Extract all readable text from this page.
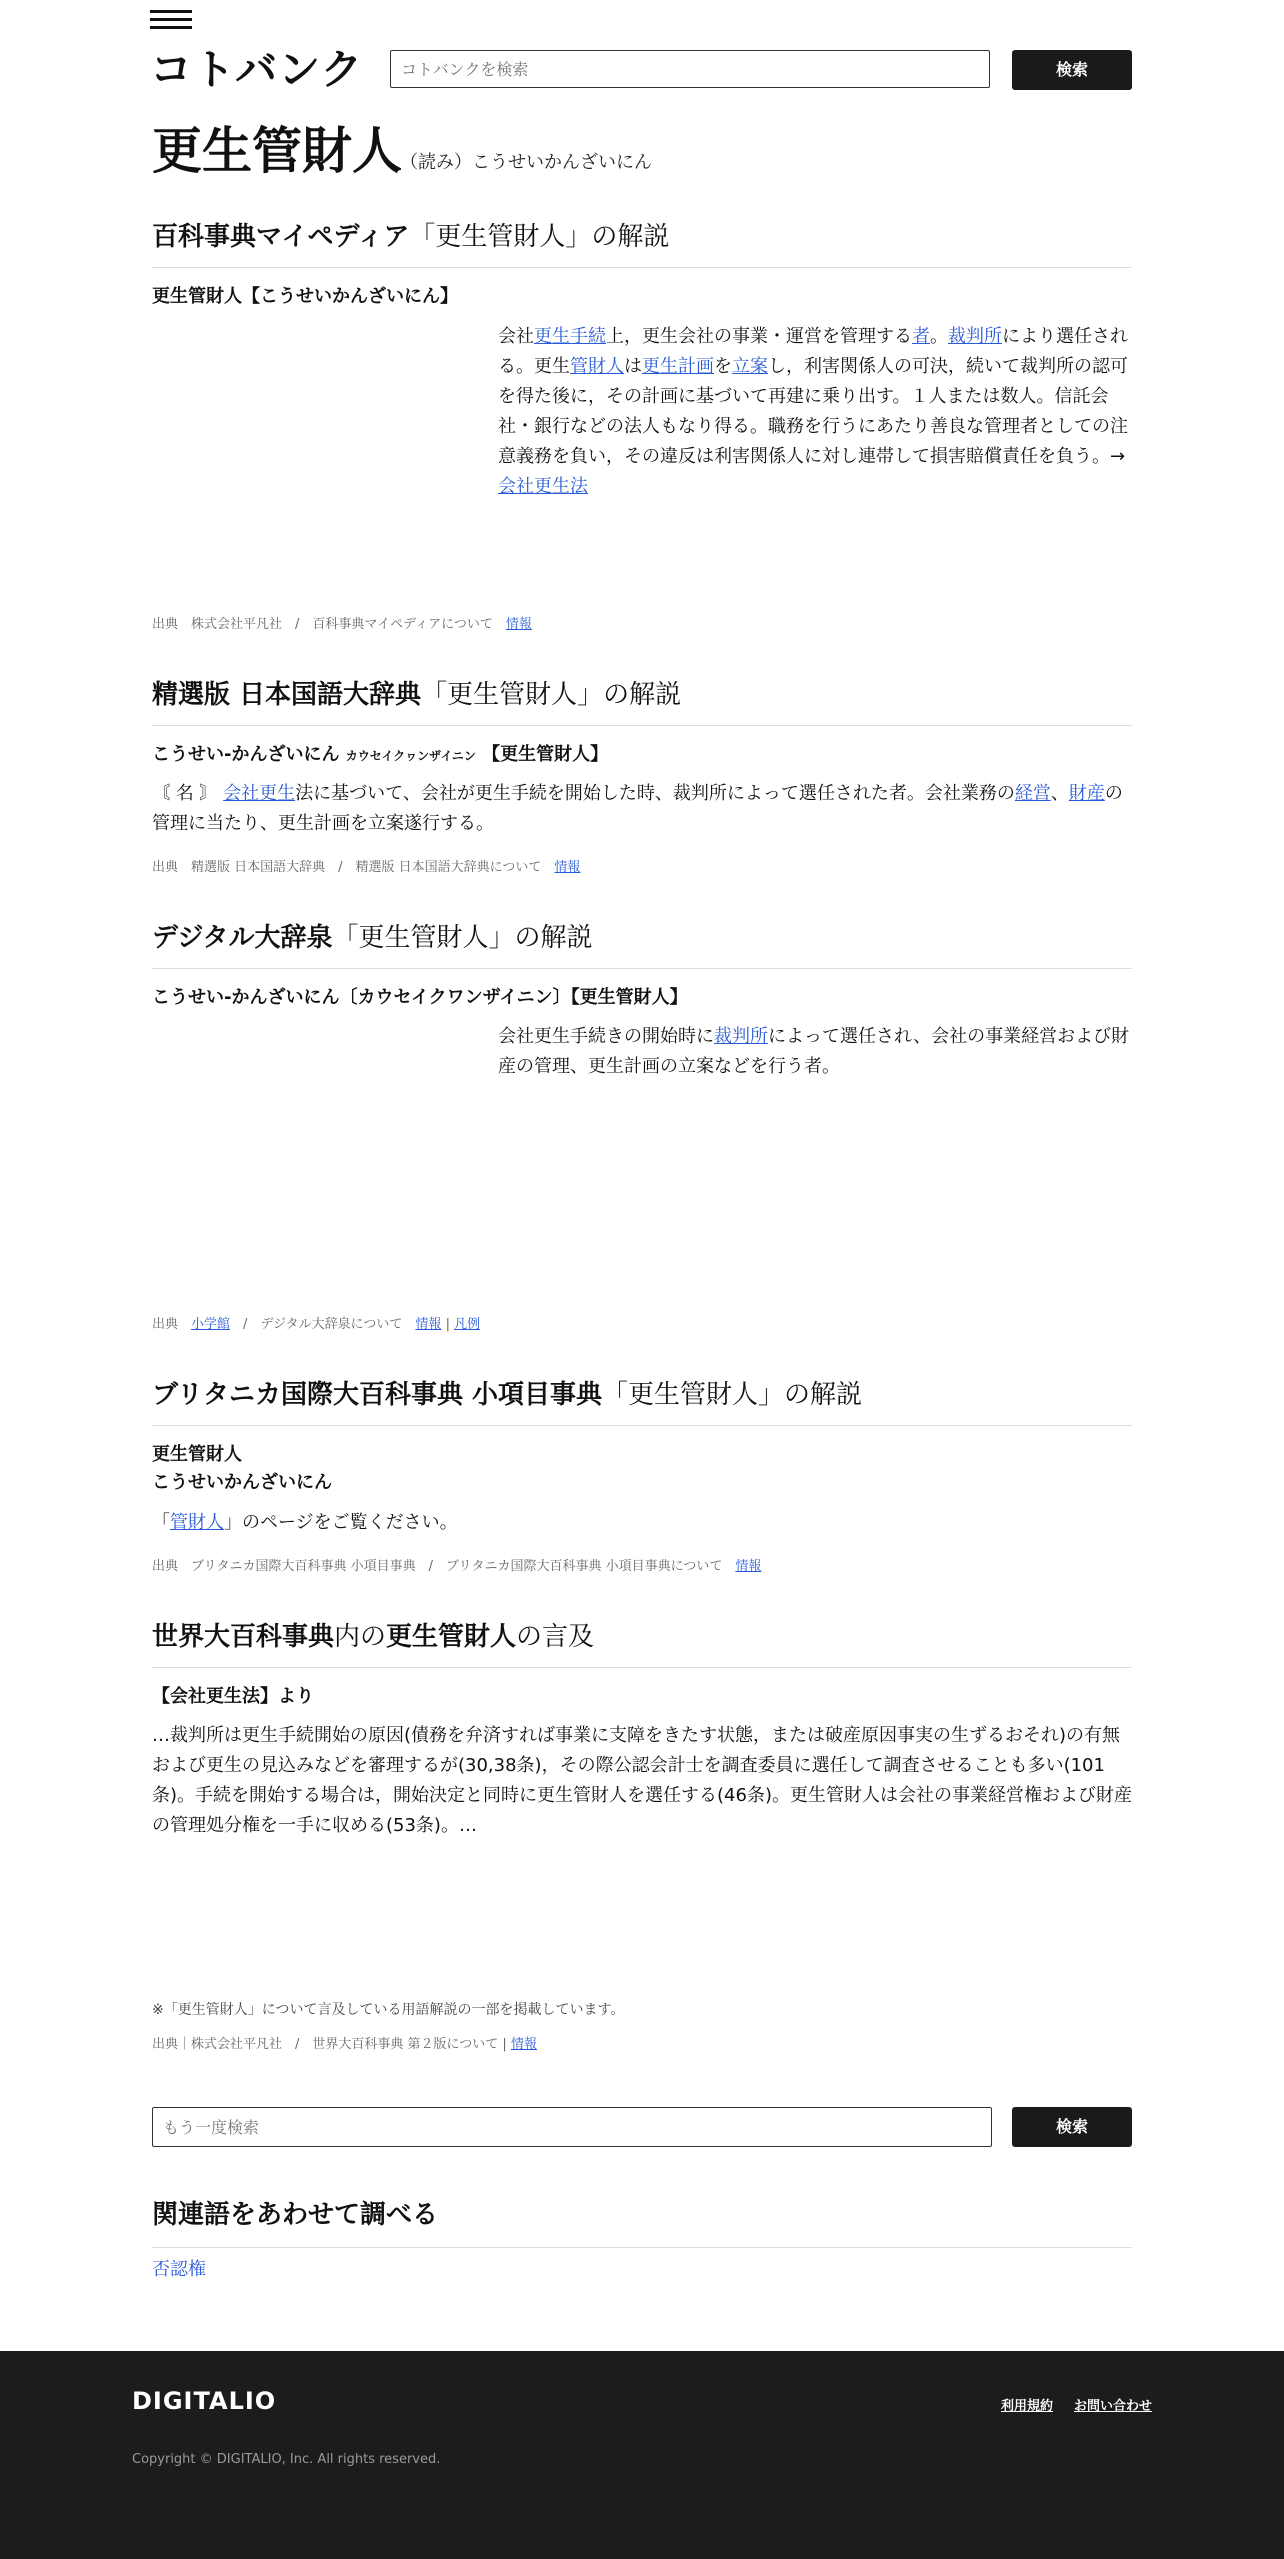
コトバンク
コトバンクを検索	検索
更生管財人
（読み）こうせいかんざいにん
百科事典マイペディア「更生管財人」の解説
更生管財人【こうせいかんざいにん】
会社更生手続上，更生会社の事業・運営を管理する者。裁判所により選任される。更生管財人は更生計画を立案し，利害関係人の可決，続いて裁判所の認可を得た後に，その計画に基づいて再建に乗り出す。１人または数人。信託会社・銀行などの法人もなり得る。職務を行うにあたり善良な管理者としての注意義務を負い，その違反は利害関係人に対し連帯して損害賠償責任を負う。→
会社更生法
出典　株式会社平凡社　/　百科事典マイペディアについて　 情報
精選版 日本国語大辞典「更生管財人」の解説
こうせい‐かんざいにん カウセイクヮンザイニン 【更生管財人】
〘 名 〙 会社更生法に基づいて、会社が更生手続を開始した時、裁判所によって選任された者。会社業務の経営、財産の管理に当たり、更生計画を立案遂行する。
出典　精選版 日本国語大辞典　/　精選版 日本国語大辞典について　 情報
デジタル大辞泉「更生管財人」の解説
こうせい‐かんざいにん〔カウセイクワンザイニン〕【更生管財人】
会社更生手続きの開始時に裁判所によって選任され、会社の事業経営および財産の管理、更生計画の立案などを行う者。
出典　 小学館　/　デジタル大辞泉について　 情報 | 凡例
ブリタニカ国際大百科事典 小項目事典「更生管財人」の解説
更生管財人
こうせいかんざいにん
「管財人」のページをご覧ください。
出典　ブリタニカ国際大百科事典 小項目事典　/　ブリタニカ国際大百科事典 小項目事典について　 情報
世界大百科事典内の更生管財人の言及
【会社更生法】より
…裁判所は更生手続開始の原因(債務を弁済すれば事業に支障をきたす状態，または破産原因事実の生ずるおそれ)の有無および更生の見込みなどを審理するが(30,38条)，その際公認会計士を調査委員に選任して調査させることも多い(101条)。手続を開始する場合は，開始決定と同時に更生管財人を選任する(46条)。更生管財人は会社の事業経営権および財産の管理処分権を一手に収める(53条)。…
※「更生管財人」について言及している用語解説の一部を掲載しています。
出典｜株式会社平凡社　/　世界大百科事典 第２版について | 情報
もう一度検索
検索
関連語をあわせて調べる
否認権
DIGITALIO	利用規約 お問い合わせ
Copyright © DIGITALIO, Inc. All rights reserved.
